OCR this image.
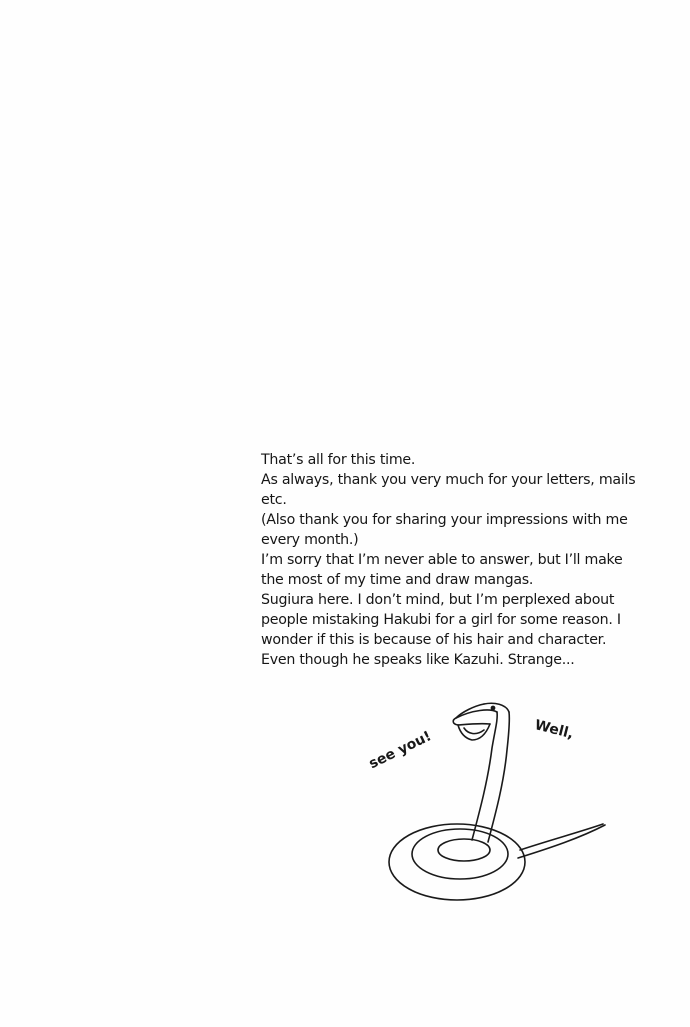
That’s all for this time.
As always, thank you very much for your letters, mails
etc.
(Also thank you for sharing your impressions with me
every month.)
I’m sorry that I’m never able to answer, but I’ll make
the most of my time and draw mangas.
Sugiura here. I don’t mind, but I’m perplexed about
people mistaking Hakubi for a girl for some reason. I
wonder if this is because of his hair and character.
Even though he speaks like Kazuhi. Strange...
Well,
see you!
